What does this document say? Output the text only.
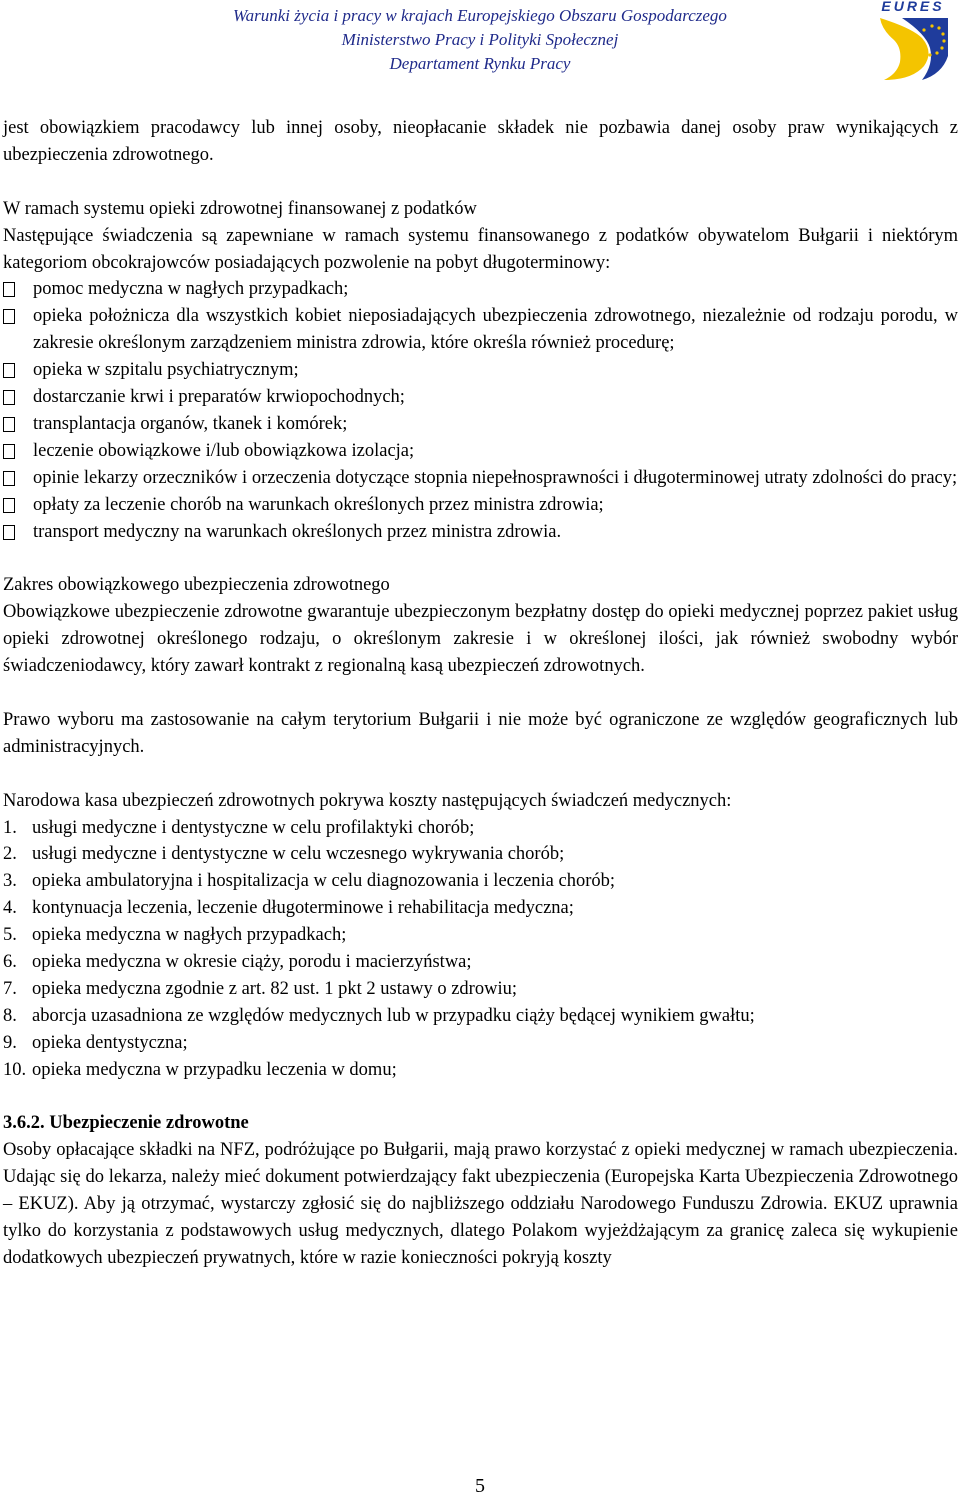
Warunki życia i pracy w krajach Europejskiego Obszaru Gospodarczego
Ministerstwo Pracy i Polityki Społecznej
Departament Rynku Pracy
EURES

jest obowiązkiem pracodawcy lub innej osoby, nieopłacanie składek nie pozbawia danej osoby praw wynikających z ubezpieczenia zdrowotnego.

W ramach systemu opieki zdrowotnej finansowanej z podatków

Następujące świadczenia są zapewniane w ramach systemu finansowanego z podatków obywatelom Bułgarii i niektórym kategoriom obcokrajowców posiadających pozwolenie na pobyt długoterminowy:

pomoc medyczna w nagłych przypadkach;
opieka położnicza dla wszystkich kobiet nieposiadających ubezpieczenia zdrowotnego, niezależnie od rodzaju porodu, w zakresie określonym zarządzeniem ministra zdrowia, które określa również procedurę;
opieka w szpitalu psychiatrycznym;
dostarczanie krwi i preparatów krwiopochodnych;
transplantacja organów, tkanek i komórek;
leczenie obowiązkowe i/lub obowiązkowa izolacja;
opinie lekarzy orzeczników i orzeczenia dotyczące stopnia niepełnosprawności i długoterminowej utraty zdolności do pracy;
opłaty za leczenie chorób na warunkach określonych przez ministra zdrowia;
transport medyczny na warunkach określonych przez ministra zdrowia.

Zakres obowiązkowego ubezpieczenia zdrowotnego

Obowiązkowe ubezpieczenie zdrowotne gwarantuje ubezpieczonym bezpłatny dostęp do opieki medycznej poprzez pakiet usług opieki zdrowotnej określonego rodzaju, o określonym zakresie i w określonej ilości, jak również swobodny wybór świadczeniodawcy, który zawarł kontrakt z regionalną kasą ubezpieczeń zdrowotnych.

Prawo wyboru ma zastosowanie na całym terytorium Bułgarii i nie może być ograniczone ze względów geograficznych lub administracyjnych.

Narodowa kasa ubezpieczeń zdrowotnych pokrywa koszty następujących świadczeń medycznych:

1. usługi medyczne i dentystyczne w celu profilaktyki chorób;
2. usługi medyczne i dentystyczne w celu wczesnego wykrywania chorób;
3. opieka ambulatoryjna i hospitalizacja w celu diagnozowania i leczenia chorób;
4. kontynuacja leczenia, leczenie długoterminowe i rehabilitacja medyczna;
5. opieka medyczna w nagłych przypadkach;
6. opieka medyczna w okresie ciąży, porodu i macierzyństwa;
7. opieka medyczna zgodnie z art. 82 ust. 1 pkt 2 ustawy o zdrowiu;
8. aborcja uzasadniona ze względów medycznych lub w przypadku ciąży będącej wynikiem gwałtu;
9. opieka dentystyczna;
10. opieka medyczna w przypadku leczenia w domu;

3.6.2. Ubezpieczenie zdrowotne

Osoby opłacające składki na NFZ, podróżujące po Bułgarii, mają prawo korzystać z opieki medycznej w ramach ubezpieczenia. Udając się do lekarza, należy mieć dokument potwierdzający fakt ubezpieczenia (Europejska Karta Ubezpieczenia Zdrowotnego – EKUZ). Aby ją otrzymać, wystarczy zgłosić się do najbliższego oddziału Narodowego Funduszu Zdrowia. EKUZ uprawnia tylko do korzystania z podstawowych usług medycznych, dlatego Polakom wyjeżdżającym za granicę zaleca się wykupienie dodatkowych ubezpieczeń prywatnych, które w razie konieczności pokryją koszty

5
